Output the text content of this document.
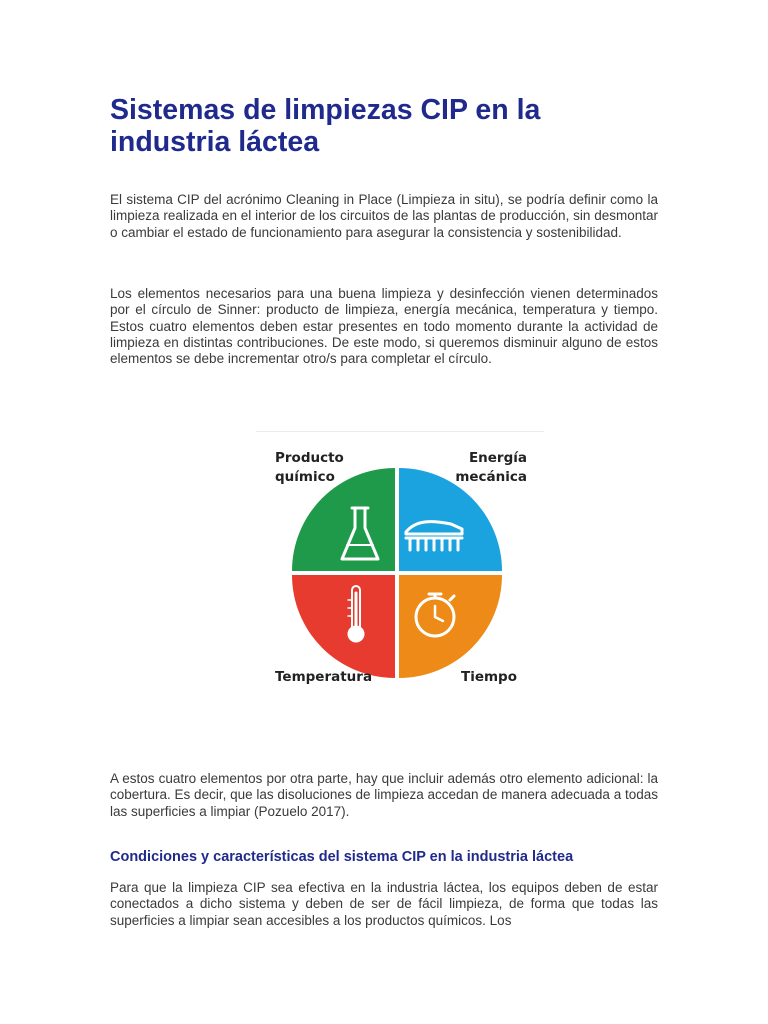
Sistemas de limpiezas CIP en la industria láctea

El sistema CIP del acrónimo Cleaning in Place (Limpieza in situ), se podría definir como la limpieza realizada en el interior de los circuitos de las plantas de producción, sin desmontar o cambiar el estado de funcionamiento para asegurar la consistencia y sostenibilidad.

Los elementos necesarios para una buena limpieza y desinfección vienen determinados por el círculo de Sinner: producto de limpieza, energía mecánica, temperatura y tiempo. Estos cuatro elementos deben estar presentes en todo momento durante la actividad de limpieza en distintas contribuciones. De este modo, si queremos disminuir alguno de estos elementos se debe incrementar otro/s para completar el círculo.

A estos cuatro elementos por otra parte, hay que incluir además otro elemento adicional: la cobertura. Es decir, que las disoluciones de limpieza accedan de manera adecuada a todas las superficies a limpiar (Pozuelo 2017).

Condiciones y características del sistema CIP en la industria láctea

Para que la limpieza CIP sea efectiva en la industria láctea, los equipos deben de estar conectados a dicho sistema y deben de ser de fácil limpieza, de forma que todas las superficies a limpiar sean accesibles a los productos químicos. Los

Producto
químico
Energía
mecánica
Temperatura	Tiempo
